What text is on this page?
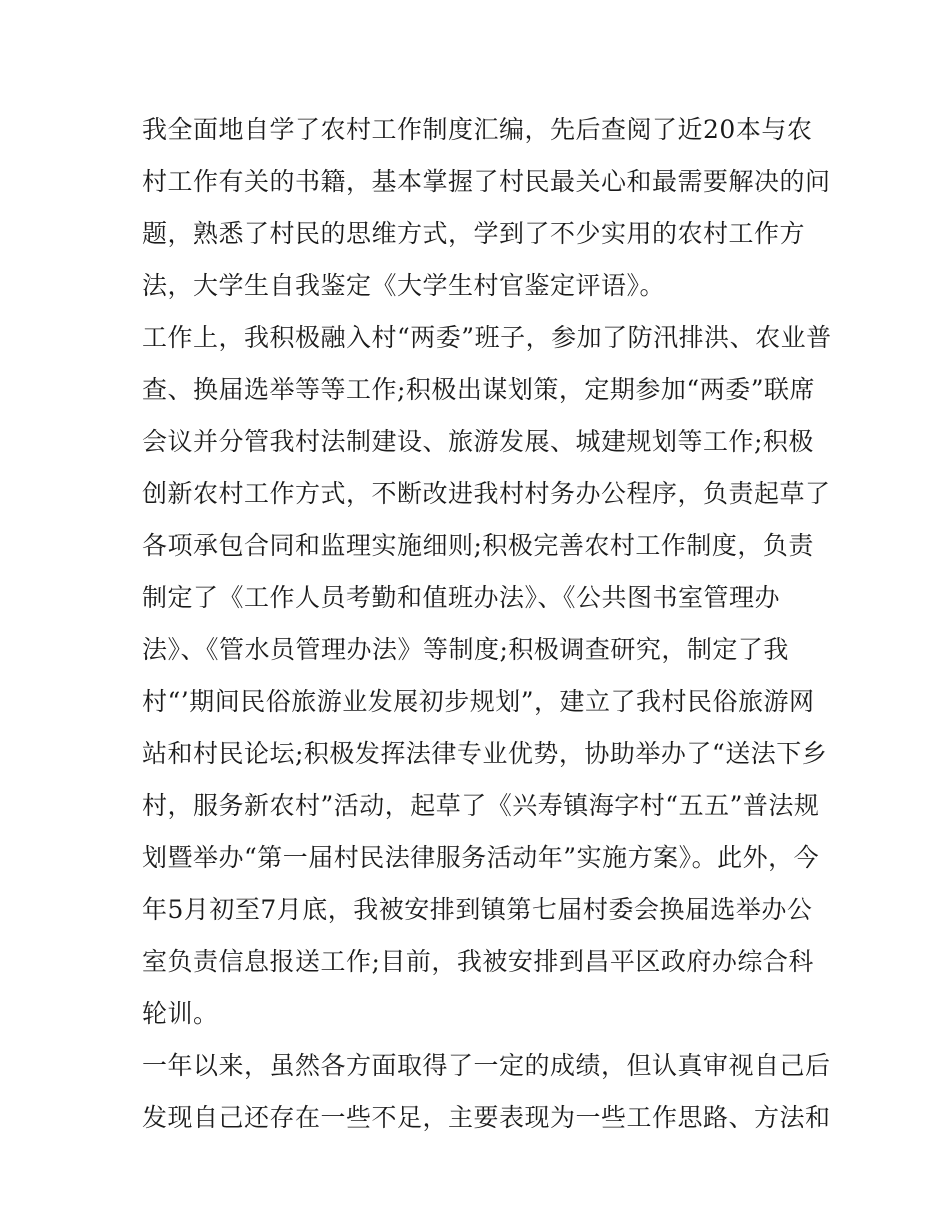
我全面地自学了农村工作制度汇编，先后查阅了近20本与农
村工作有关的书籍，基本掌握了村民最关心和最需要解决的问
题，熟悉了村民的思维方式，学到了不少实用的农村工作方
法，大学生自我鉴定《大学生村官鉴定评语》。
工作上，我积极融入村“两委”班子，参加了防汛排洪、农业普
查、换届选举等等工作;积极出谋划策，定期参加“两委”联席
会议并分管我村法制建设、旅游发展、城建规划等工作;积极
创新农村工作方式，不断改进我村村务办公程序，负责起草了
各项承包合同和监理实施细则;积极完善农村工作制度，负责
制定了《工作人员考勤和值班办法》、《公共图书室管理办
法》、《管水员管理办法》等制度;积极调查研究，制定了我
村“’期间民俗旅游业发展初步规划”，建立了我村民俗旅游网
站和村民论坛;积极发挥法律专业优势，协助举办了“送法下乡
村，服务新农村”活动，起草了《兴寿镇海字村“五五”普法规
划暨举办“第一届村民法律服务活动年”实施方案》。此外，今
年5月初至7月底，我被安排到镇第七届村委会换届选举办公
室负责信息报送工作;目前，我被安排到昌平区政府办综合科
轮训。
一年以来，虽然各方面取得了一定的成绩，但认真审视自己后
发现自己还存在一些不足，主要表现为一些工作思路、方法和
